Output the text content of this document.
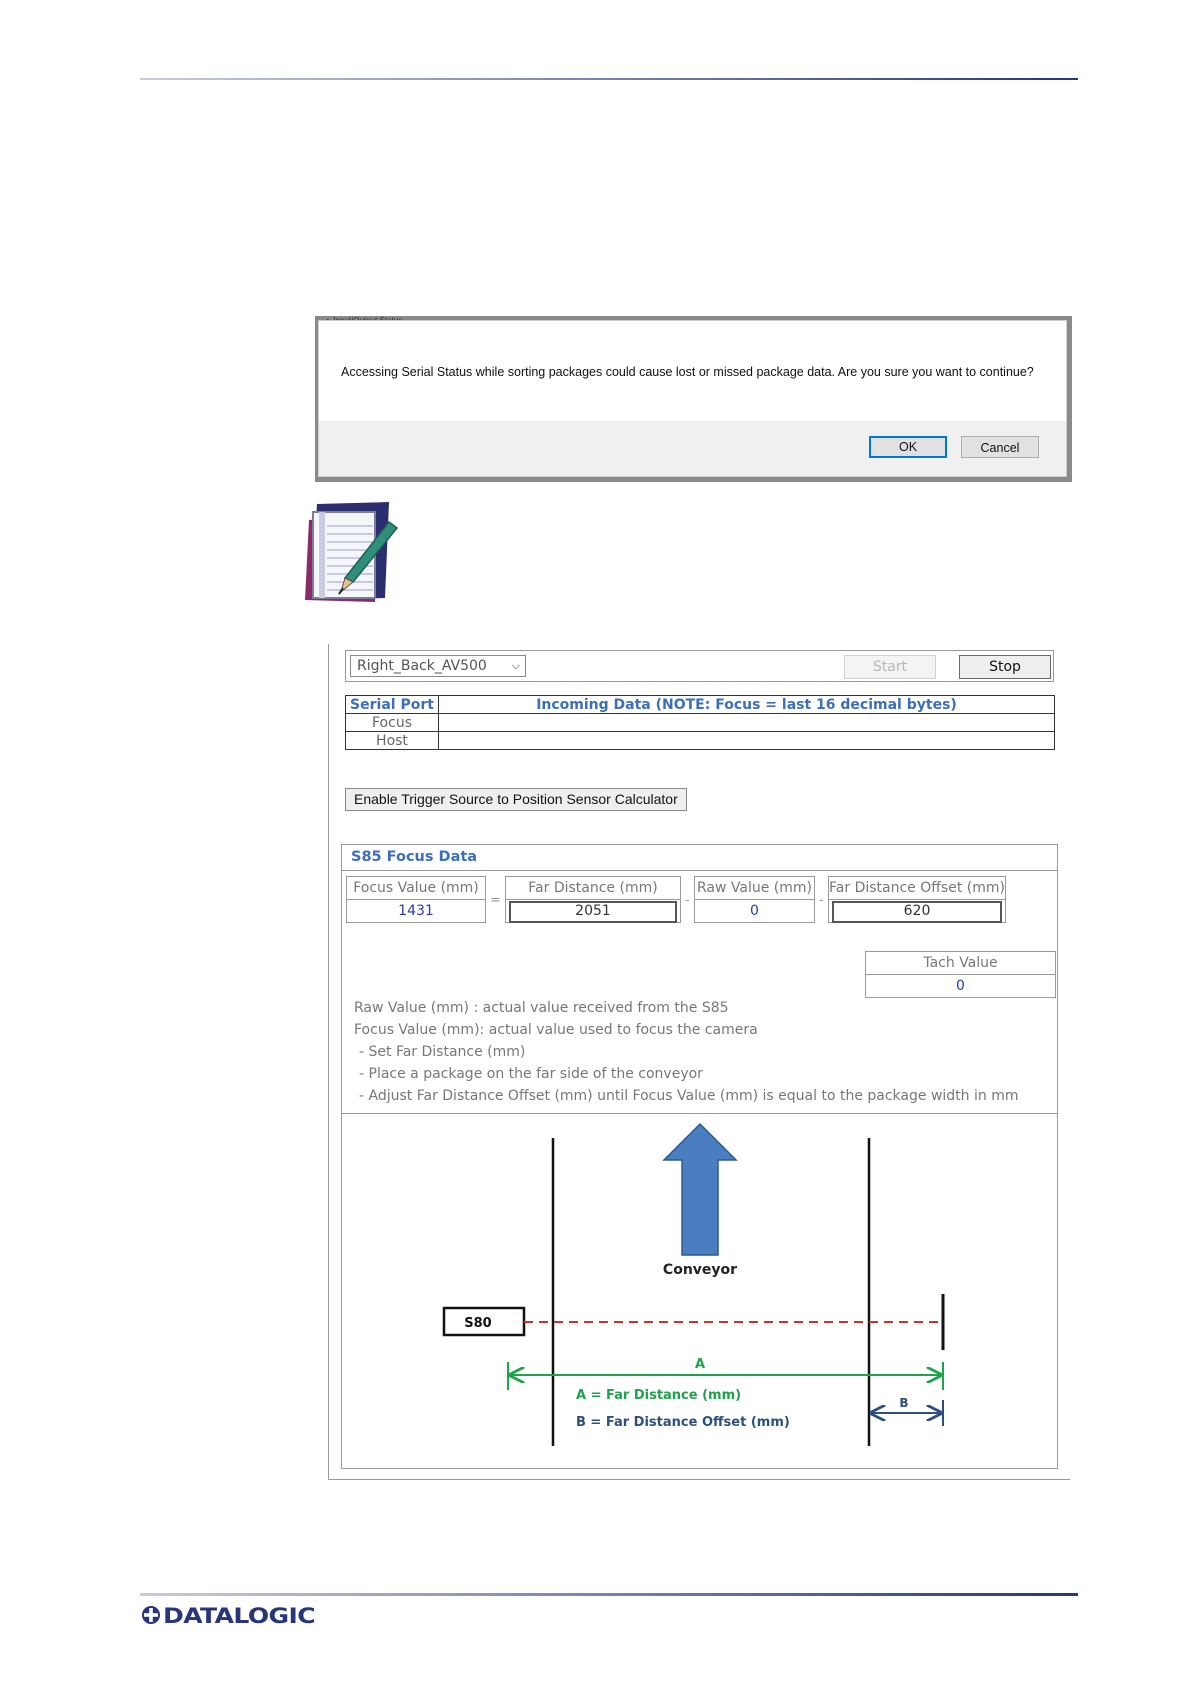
Accessing Serial Status while sorting packages could cause lost or missed package data. Are you sure you want to continue?
OK	Cancel
Right_Back_AV500 ⌵	Start	Stop
Serial Port	Incoming Data (NOTE: Focus = last 16 decimal bytes)
Focus	
Host	
Enable Trigger Source to Position Sensor Calculator
S85 Focus Data
Focus Value (mm)
1431
=
Far Distance (mm)
2051
-
Raw Value (mm)
0
-
Far Distance Offset (mm)
620
Tach Value
0
Raw Value (mm) : actual value received from the S85
Focus Value (mm): actual value used to focus the camera
- Set Far Distance (mm)
- Place a package on the far side of the conveyor
- Adjust Far Distance Offset (mm) until Focus Value (mm) is equal to the package width in mm
Conveyor
S80
A
A = Far Distance (mm)	B
B = Far Distance Offset (mm)
DATALOGIC
